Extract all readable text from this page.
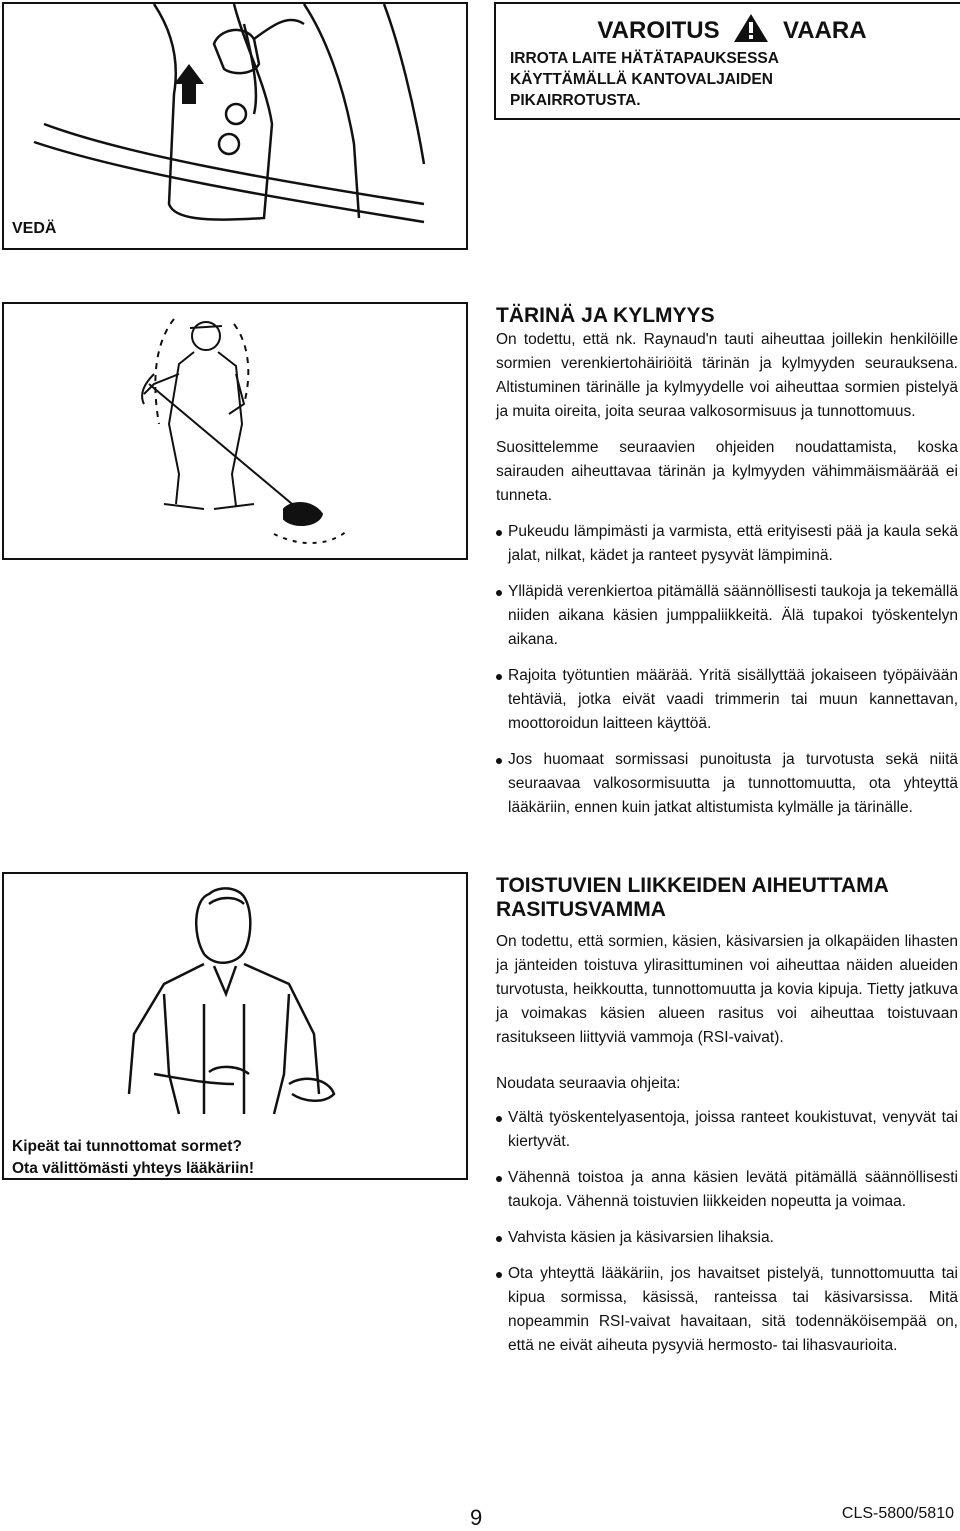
VEDÄ
VAROITUS	VAARA
IRROTA LAITE HÄTÄTAPAUKSESSA
KÄYTTÄMÄLLÄ KANTOVALJAIDEN
PIKAIRROTUSTA.
TÄRINÄ JA KYLMYYS

On todettu, että nk. Raynaud'n tauti aiheuttaa joillekin henkilöille sormien verenkiertohäiriöitä tärinän ja kylmyyden seurauksena. Altistuminen tärinälle ja kylmyydelle voi aiheuttaa sormien pistelyä ja muita oireita, joita seuraa valkosormisuus ja tunnottomuus.

Suosittelemme seuraavien ohjeiden noudattamista, koska sairauden aiheuttavaa tärinän ja kylmyyden vähimmäismäärää ei tunneta.

Pukeudu lämpimästi ja varmista, että erityisesti pää ja kaula sekä jalat, nilkat, kädet ja ranteet pysyvät lämpiminä.

Ylläpidä verenkiertoa pitämällä säännöllisesti taukoja ja tekemällä niiden aikana käsien jumppaliikkeitä. Älä tupakoi työskentelyn aikana.

Rajoita työtuntien määrää. Yritä sisällyttää jokaiseen työpäivään tehtäviä, jotka eivät vaadi trimmerin tai muun kannettavan, moottoroidun laitteen käyttöä.

Jos huomaat sormissasi punoitusta ja turvotusta sekä niitä seuraavaa valkosormisuutta ja tunnottomuutta, ota yhteyttä lääkäriin, ennen kuin jatkat altistumista kylmälle ja tärinälle.

Kipeät tai tunnottomat sormet?
Ota välittömästi yhteys lääkäriin!
TOISTUVIEN LIIKKEIDEN AIHEUTTAMA
RASITUSVAMMA

On todettu, että sormien, käsien, käsivarsien ja olkapäiden lihasten ja jänteiden toistuva ylirasittuminen voi aiheuttaa näiden alueiden turvotusta, heikkoutta, tunnottomuutta ja kovia kipuja. Tietty jatkuva ja voimakas käsien alueen rasitus voi aiheuttaa toistuvaan rasitukseen liittyviä vammoja (RSI-vaivat).

Noudata seuraavia ohjeita:

Vältä työskentelyasentoja, joissa ranteet koukistuvat, venyvät tai kiertyvät.

Vähennä toistoa ja anna käsien levätä pitämällä säännöllisesti taukoja. Vähennä toistuvien liikkeiden nopeutta ja voimaa.

Vahvista käsien ja käsivarsien lihaksia.

Ota yhteyttä lääkäriin, jos havaitset pistelyä, tunnottomuutta tai kipua sormissa, käsissä, ranteissa tai käsivarsissa. Mitä nopeammin RSI-vaivat havaitaan, sitä todennäköisempää on, että ne eivät aiheuta pysyviä hermosto- tai lihasvaurioita.

9	CLS-5800/5810
